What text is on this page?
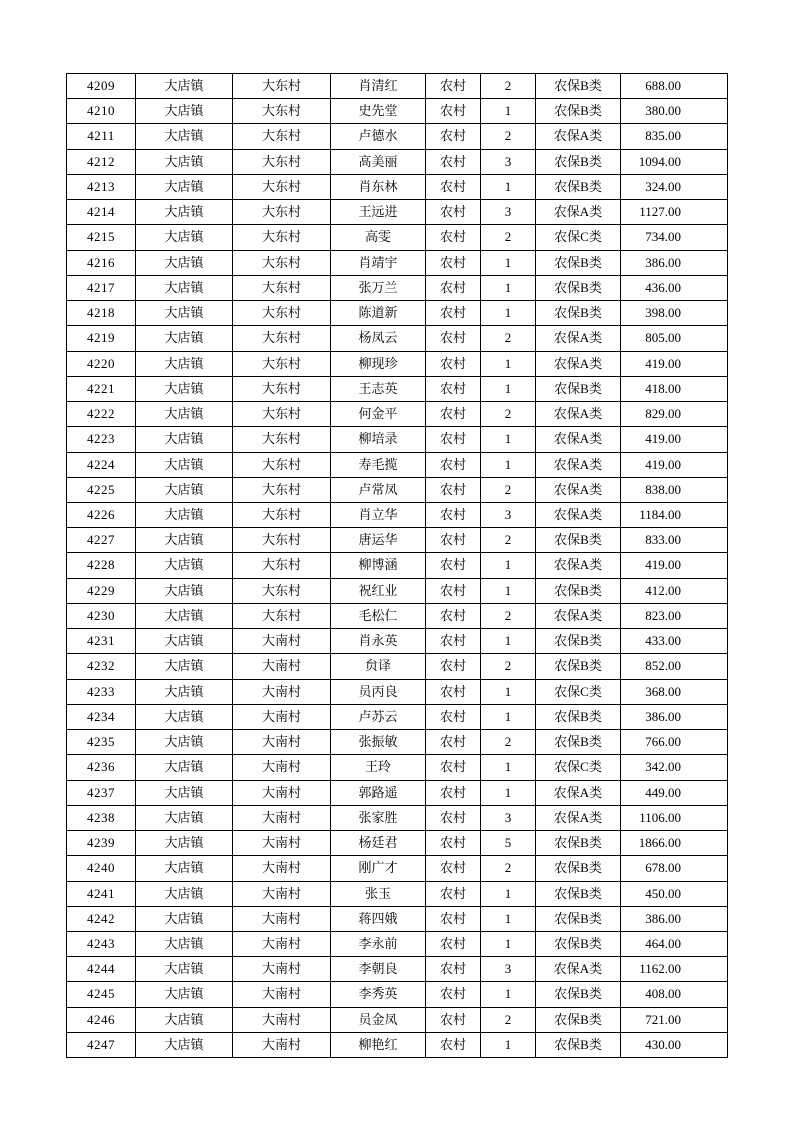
4209	大店镇	大东村	肖清红	农村	2	农保B类	688.00
4210	大店镇	大东村	史先堂	农村	1	农保B类	380.00
4211	大店镇	大东村	卢德水	农村	2	农保A类	835.00
4212	大店镇	大东村	高美丽	农村	3	农保B类	1094.00
4213	大店镇	大东村	肖东林	农村	1	农保B类	324.00
4214	大店镇	大东村	王远进	农村	3	农保A类	1127.00
4215	大店镇	大东村	高雯	农村	2	农保C类	734.00
4216	大店镇	大东村	肖靖宇	农村	1	农保B类	386.00
4217	大店镇	大东村	张万兰	农村	1	农保B类	436.00
4218	大店镇	大东村	陈道新	农村	1	农保B类	398.00
4219	大店镇	大东村	杨凤云	农村	2	农保A类	805.00
4220	大店镇	大东村	柳现珍	农村	1	农保A类	419.00
4221	大店镇	大东村	王志英	农村	1	农保B类	418.00
4222	大店镇	大东村	何金平	农村	2	农保A类	829.00
4223	大店镇	大东村	柳培录	农村	1	农保A类	419.00
4224	大店镇	大东村	寿毛揽	农村	1	农保A类	419.00
4225	大店镇	大东村	卢常凤	农村	2	农保A类	838.00
4226	大店镇	大东村	肖立华	农村	3	农保A类	1184.00
4227	大店镇	大东村	唐运华	农村	2	农保B类	833.00
4228	大店镇	大东村	柳博涵	农村	1	农保A类	419.00
4229	大店镇	大东村	祝红业	农村	1	农保B类	412.00
4230	大店镇	大东村	毛松仁	农村	2	农保A类	823.00
4231	大店镇	大南村	肖永英	农村	1	农保B类	433.00
4232	大店镇	大南村	贠译	农村	2	农保B类	852.00
4233	大店镇	大南村	员丙良	农村	1	农保C类	368.00
4234	大店镇	大南村	卢苏云	农村	1	农保B类	386.00
4235	大店镇	大南村	张振敏	农村	2	农保B类	766.00
4236	大店镇	大南村	王玲	农村	1	农保C类	342.00
4237	大店镇	大南村	郭路遥	农村	1	农保A类	449.00
4238	大店镇	大南村	张家胜	农村	3	农保A类	1106.00
4239	大店镇	大南村	杨廷君	农村	5	农保B类	1866.00
4240	大店镇	大南村	刚广才	农村	2	农保B类	678.00
4241	大店镇	大南村	张玉	农村	1	农保B类	450.00
4242	大店镇	大南村	蒋四娥	农村	1	农保B类	386.00
4243	大店镇	大南村	李永前	农村	1	农保B类	464.00
4244	大店镇	大南村	李朝良	农村	3	农保A类	1162.00
4245	大店镇	大南村	李秀英	农村	1	农保B类	408.00
4246	大店镇	大南村	员金凤	农村	2	农保B类	721.00
4247	大店镇	大南村	柳艳红	农村	1	农保B类	430.00
